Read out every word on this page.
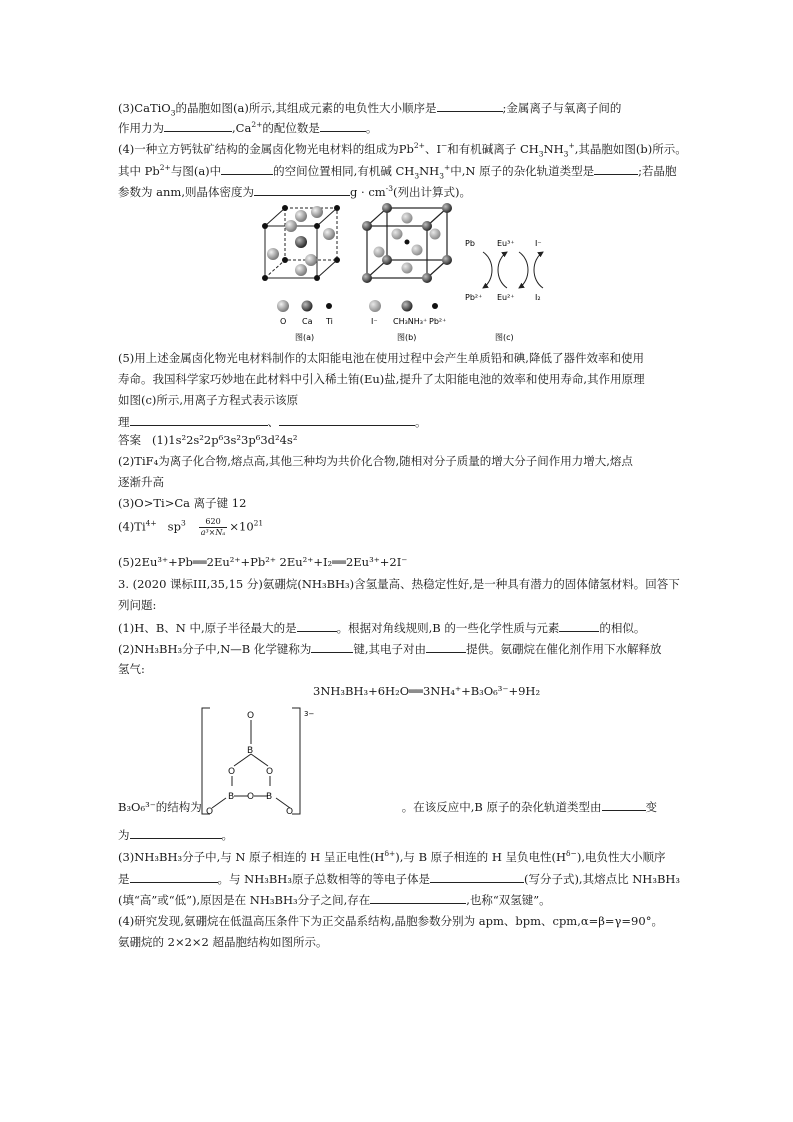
(3)CaTiO$_3$的晶胞如图(a)所示,其组成元素的电负性大小顺序是	;金属离子与氧离子间的
作用力为	$,Ca^{2+}$的配位数是	。
(4)一种立方钙钛矿结构的金属卤化物光电材料的组成为$Pb^{2+}$、I−和有机碱离子 $CH_3NH_3^+$,其晶胞如图(b)所示。
其中 $Pb^{2+}$与图(a)中	的空间位置相同,有机碱 $CH_3NH_3^+$中,N 原子的杂化轨道类型是	;若晶胞
参数为 anm,则晶体密度为	$g \cdot cm^{-3}$(列出计算式)。
O Ca Ti
图(a)
I⁻ CH₃NH₃⁺ Pb²⁺
图(b)
Pb	Eu³⁺	I⁻
Pb²⁺ Eu²⁺	I₂
图(c)
(5)用上述金属卤化物光电材料制作的太阳能电池在使用过程中会产生单质铅和碘,降低了器件效率和使用
寿命。我国科学家巧妙地在此材料中引入稀土铕(Eu)盐,提升了太阳能电池的效率和使用寿命,其作用原理
如图(c)所示,用离子方程式表示该原
理	、	。
答案 (1)1s²2s²2p⁶3s²3p⁶3d²4s²
(2)TiF₄为离子化合物,熔点高,其他三种均为共价化合物,随相对分子质量的增大分子间作用力增大,熔点
逐渐升高
(3)O>Ti>Ca 离子键 12
$(4)Ti^{4+}$ $sp^3 \frac{620}{\text{a³×Nₐ}} \times 10^{21}$
(5)2Eu³⁺+Pb══2Eu²⁺+Pb²⁺ 2Eu²⁺+I₂══2Eu³⁺+2I⁻
3. (2020 课标III,35,15 分)氨硼烷(NH₃BH₃)含氢量高、热稳定性好,是一种具有潜力的固体储氢材料。回答下
列问题:
(1)H、B、N 中,原子半径最大的是	。根据对角线规则,B 的一些化学性质与元素	的相似。
(2)NH₃BH₃分子中,N—B 化学键称为	键,其电子对由	提供。氨硼烷在催化剂作用下水解释放
氢气:
3NH₃BH₃+6H₂O══3NH₄⁺+B₃O₆³⁻+9H₂
O
B
O	O
B O B
O	O
3−
B₃O₆³⁻的结构为	。在该反应中,B 原子的杂化轨道类型由	变
为	。
(3)NH₃BH₃分子中,与 N 原子相连的 H 呈正电性$(H^{\delta+})$,与 B 原子相连的 H 呈负电性$(H^{\delta-})$,电负性大小顺序
是	。与 NH₃BH₃原子总数相等的等电子体是	(写分子式),其熔点比 NH₃BH₃
(填“高”或“低”),原因是在 NH₃BH₃分子之间,存在	,也称“双氢键”。
(4)研究发现,氨硼烷在低温高压条件下为正交晶系结构,晶胞参数分别为 apm、bpm、cpm,α=β=γ=90°。
氨硼烷的 2×2×2 超晶胞结构如图所示。
